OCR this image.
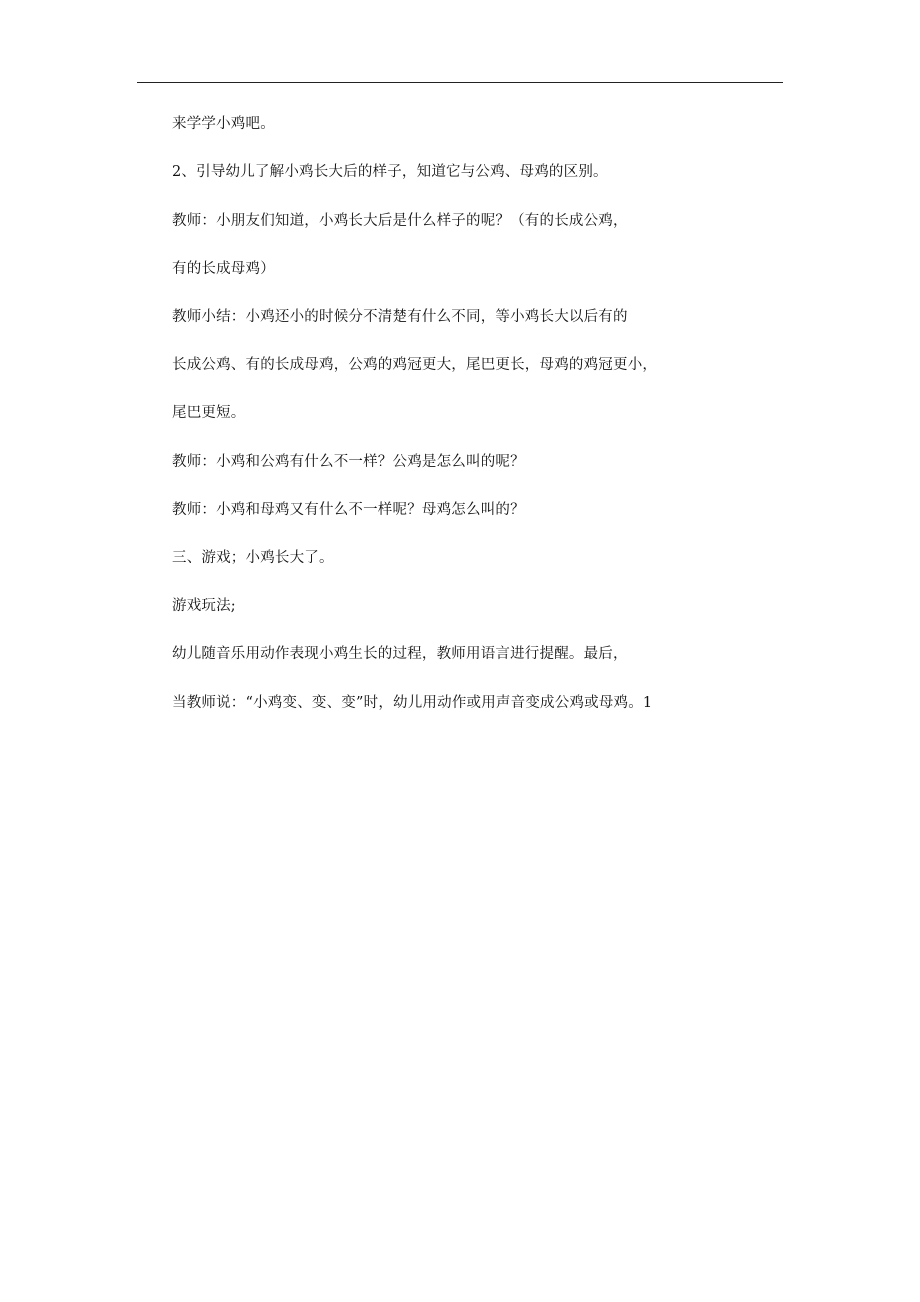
来学学小鸡吧。
2、引导幼儿了解小鸡长大后的样子，知道它与公鸡、母鸡的区别。
教师：小朋友们知道，小鸡长大后是什么样子的呢？（有的长成公鸡，
有的长成母鸡）
教师小结：小鸡还小的时候分不清楚有什么不同，等小鸡长大以后有的
长成公鸡、有的长成母鸡，公鸡的鸡冠更大，尾巴更长，母鸡的鸡冠更小，
尾巴更短。
教师：小鸡和公鸡有什么不一样？公鸡是怎么叫的呢？
教师：小鸡和母鸡又有什么不一样呢？母鸡怎么叫的？
三、游戏；小鸡长大了。
游戏玩法;
幼儿随音乐用动作表现小鸡生长的过程，教师用语言进行提醒。最后，
当教师说：“小鸡变、变、变”时，幼儿用动作或用声音变成公鸡或母鸡。1
